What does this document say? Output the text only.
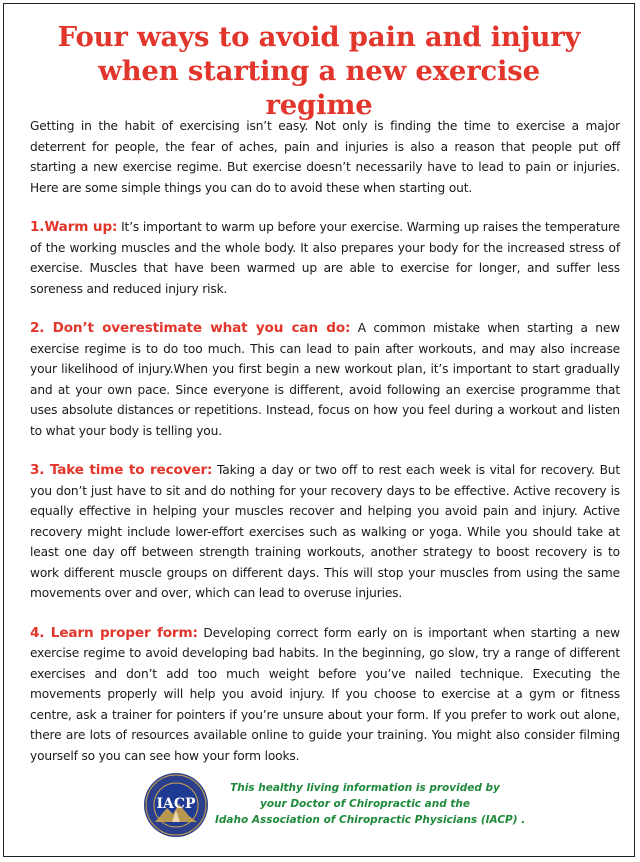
Four ways to avoid pain and injury
when starting a new exercise regime

Getting in the habit of exercising isn’t easy. Not only is finding the time to exercise a major deterrent for people, the fear of aches, pain and injuries is also a reason that people put off starting a new exercise regime. But exercise doesn’t necessarily have to lead to pain or injuries. Here are some simple things you can do to avoid these when starting out.

1.Warm up: It’s important to warm up before your exercise. Warming up raises the temperature of the working muscles and the whole body. It also prepares your body for the increased stress of exercise. Muscles that have been warmed up are able to exercise for longer, and suffer less soreness and reduced injury risk.

2. Don’t overestimate what you can do: A common mistake when starting a new exercise regime is to do too much. This can lead to pain after workouts, and may also increase your likelihood of injury.When you first begin a new workout plan, it’s important to start gradually and at your own pace. Since everyone is different, avoid following an exercise programme that uses absolute distances or repetitions. Instead, focus on how you feel during a workout and listen to what your body is telling you.

3. Take time to recover: Taking a day or two off to rest each week is vital for recovery. But you don’t just have to sit and do nothing for your recovery days to be effective. Active recovery is equally effective in helping your muscles recover and helping you avoid pain and injury. Active recovery might include lower-effort exercises such as walking or yoga. While you should take at least one day off between strength training workouts, another strategy to boost recovery is to work different muscle groups on different days. This will stop your muscles from using the same movements over and over, which can lead to overuse injuries.

4. Learn proper form: Developing correct form early on is important when starting a new exercise regime to avoid developing bad habits. In the beginning, go slow, try a range of different exercises and don’t add too much weight before you’ve nailed technique. Executing the movements properly will help you avoid injury. If you choose to exercise at a gym or fitness centre, ask a trainer for pointers if you’re unsure about your form. If you prefer to work out alone, there are lots of resources available online to guide your training. You might also consider filming yourself so you can see how your form looks.

IACP
This healthy living information is provided by
your Doctor of Chiropractic and the
Idaho Association of Chiropractic Physicians (IACP) .
